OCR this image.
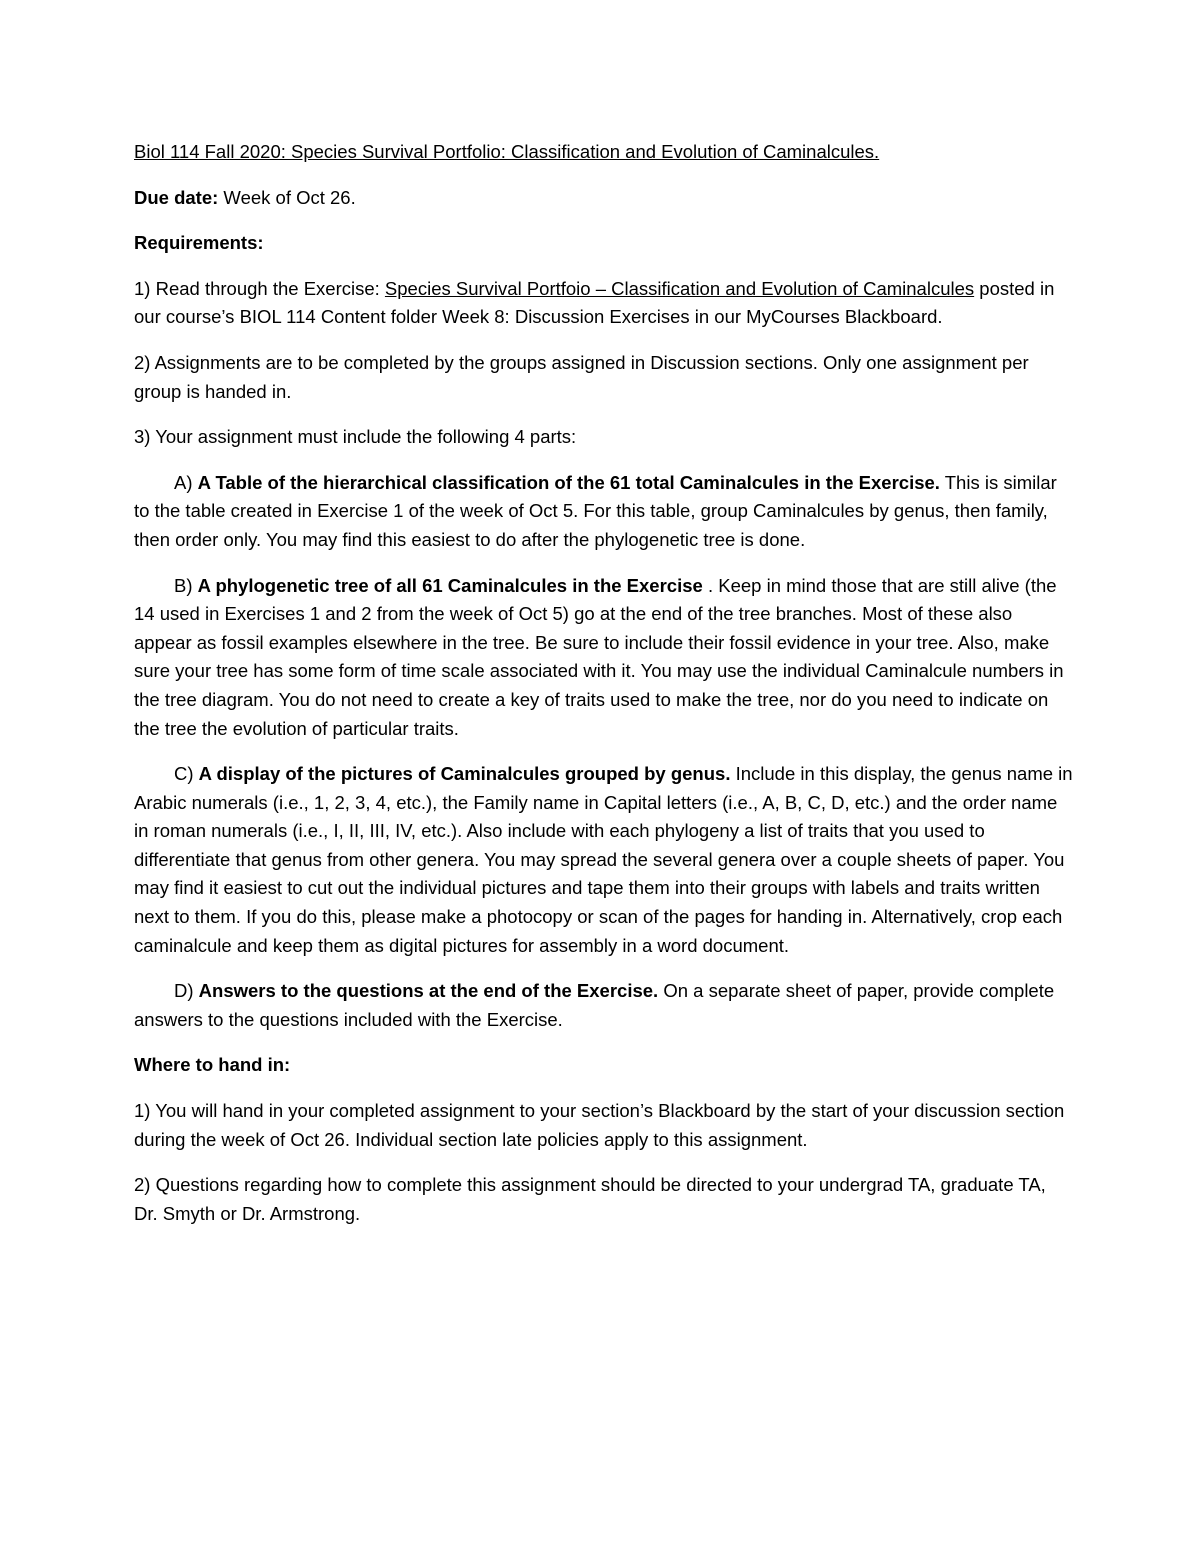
Biol 114 Fall 2020: Species Survival Portfolio: Classification and Evolution of Caminalcules.

Due date: Week of Oct 26.

Requirements:

1) Read through the Exercise: Species Survival Portfoio – Classification and Evolution of Caminalcules posted in our course’s BIOL 114 Content folder Week 8: Discussion Exercises in our MyCourses Blackboard.

2) Assignments are to be completed by the groups assigned in Discussion sections. Only one assignment per group is handed in.

3) Your assignment must include the following 4 parts:

A) A Table of the hierarchical classification of the 61 total Caminalcules in the Exercise. This is similar to the table created in Exercise 1 of the week of Oct 5. For this table, group Caminalcules by genus, then family, then order only. You may find this easiest to do after the phylogenetic tree is done.

B) A phylogenetic tree of all 61 Caminalcules in the Exercise . Keep in mind those that are still alive (the 14 used in Exercises 1 and 2 from the week of Oct 5) go at the end of the tree branches. Most of these also appear as fossil examples elsewhere in the tree. Be sure to include their fossil evidence in your tree. Also, make sure your tree has some form of time scale associated with it. You may use the individual Caminalcule numbers in the tree diagram. You do not need to create a key of traits used to make the tree, nor do you need to indicate on the tree the evolution of particular traits.

C) A display of the pictures of Caminalcules grouped by genus. Include in this display, the genus name in Arabic numerals (i.e., 1, 2, 3, 4, etc.), the Family name in Capital letters (i.e., A, B, C, D, etc.) and the order name in roman numerals (i.e., I, II, III, IV, etc.). Also include with each phylogeny a list of traits that you used to differentiate that genus from other genera. You may spread the several genera over a couple sheets of paper. You may find it easiest to cut out the individual pictures and tape them into their groups with labels and traits written next to them. If you do this, please make a photocopy or scan of the pages for handing in. Alternatively, crop each caminalcule and keep them as digital pictures for assembly in a word document.

D) Answers to the questions at the end of the Exercise. On a separate sheet of paper, provide complete answers to the questions included with the Exercise.

Where to hand in:

1) You will hand in your completed assignment to your section’s Blackboard by the start of your discussion section during the week of Oct 26. Individual section late policies apply to this assignment.

2) Questions regarding how to complete this assignment should be directed to your undergrad TA, graduate TA, Dr. Smyth or Dr. Armstrong.
